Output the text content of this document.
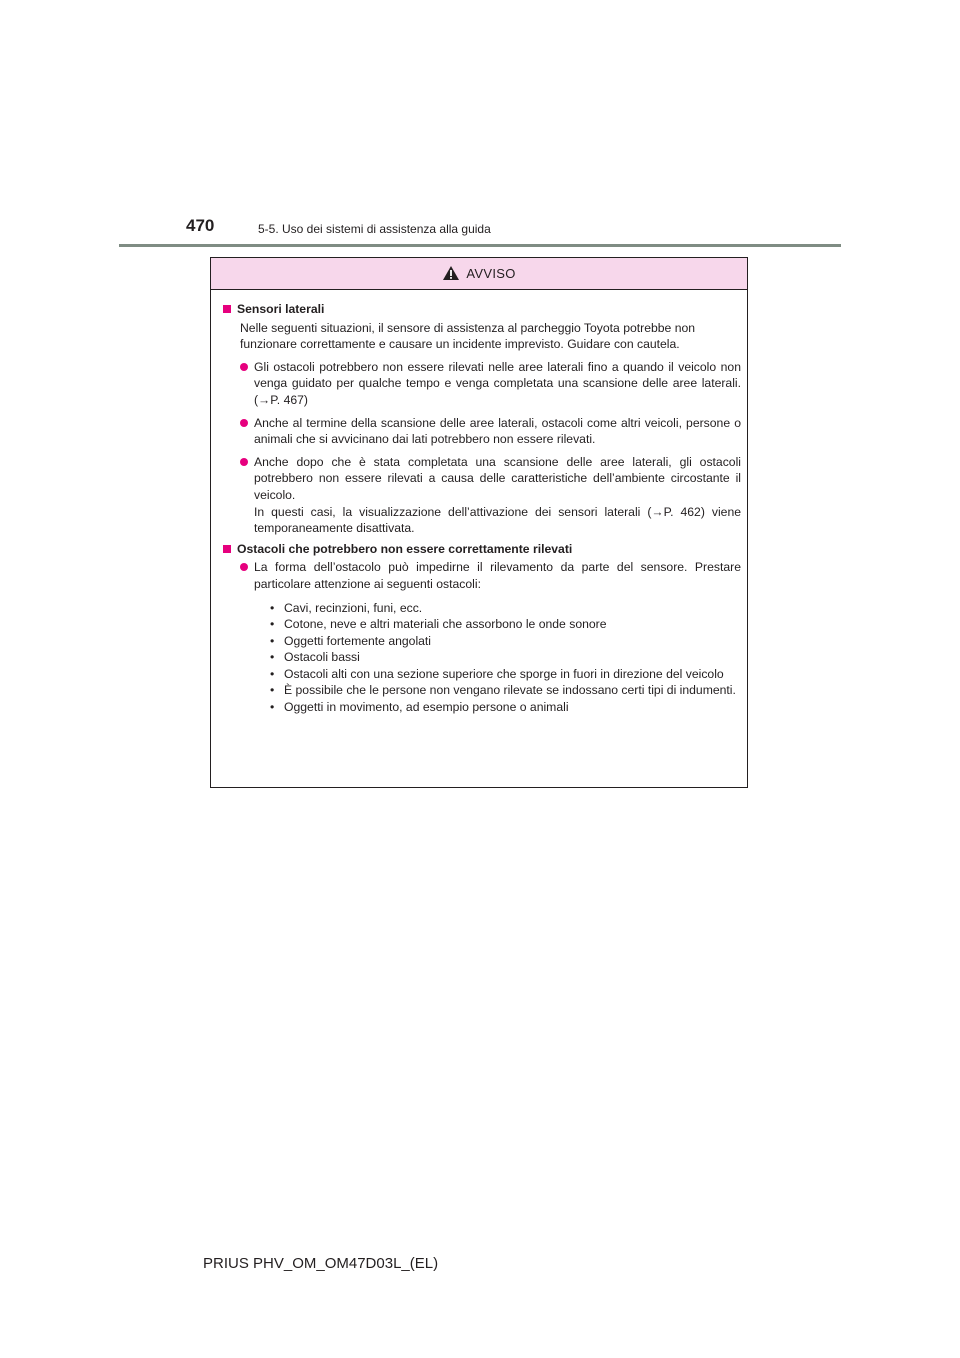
470	5-5. Uso dei sistemi di assistenza alla guida
AVVISO
Sensori laterali
Nelle seguenti situazioni, il sensore di assistenza al parcheggio Toyota potrebbe non funzionare correttamente e causare un incidente imprevisto. Guidare con cautela.
Gli ostacoli potrebbero non essere rilevati nelle aree laterali fino a quando il veicolo non venga guidato per qualche tempo e venga completata una scansione delle aree laterali. (→P. 467)
Anche al termine della scansione delle aree laterali, ostacoli come altri veicoli, persone o animali che si avvicinano dai lati potrebbero non essere rilevati.
Anche dopo che è stata completata una scansione delle aree laterali, gli ostacoli potrebbero non essere rilevati a causa delle caratteristiche dell’ambiente circostante il veicolo.
In questi casi, la visualizzazione dell’attivazione dei sensori laterali (→P. 462) viene temporaneamente disattivata.
Ostacoli che potrebbero non essere correttamente rilevati
La forma dell’ostacolo può impedirne il rilevamento da parte del sensore. Prestare particolare attenzione ai seguenti ostacoli:
• Cavi, recinzioni, funi, ecc.
• Cotone, neve e altri materiali che assorbono le onde sonore
• Oggetti fortemente angolati
• Ostacoli bassi
• Ostacoli alti con una sezione superiore che sporge in fuori in direzione del veicolo
• È possibile che le persone non vengano rilevate se indossano certi tipi di indumenti.
• Oggetti in movimento, ad esempio persone o animali
PRIUS PHV_OM_OM47D03L_(EL)
